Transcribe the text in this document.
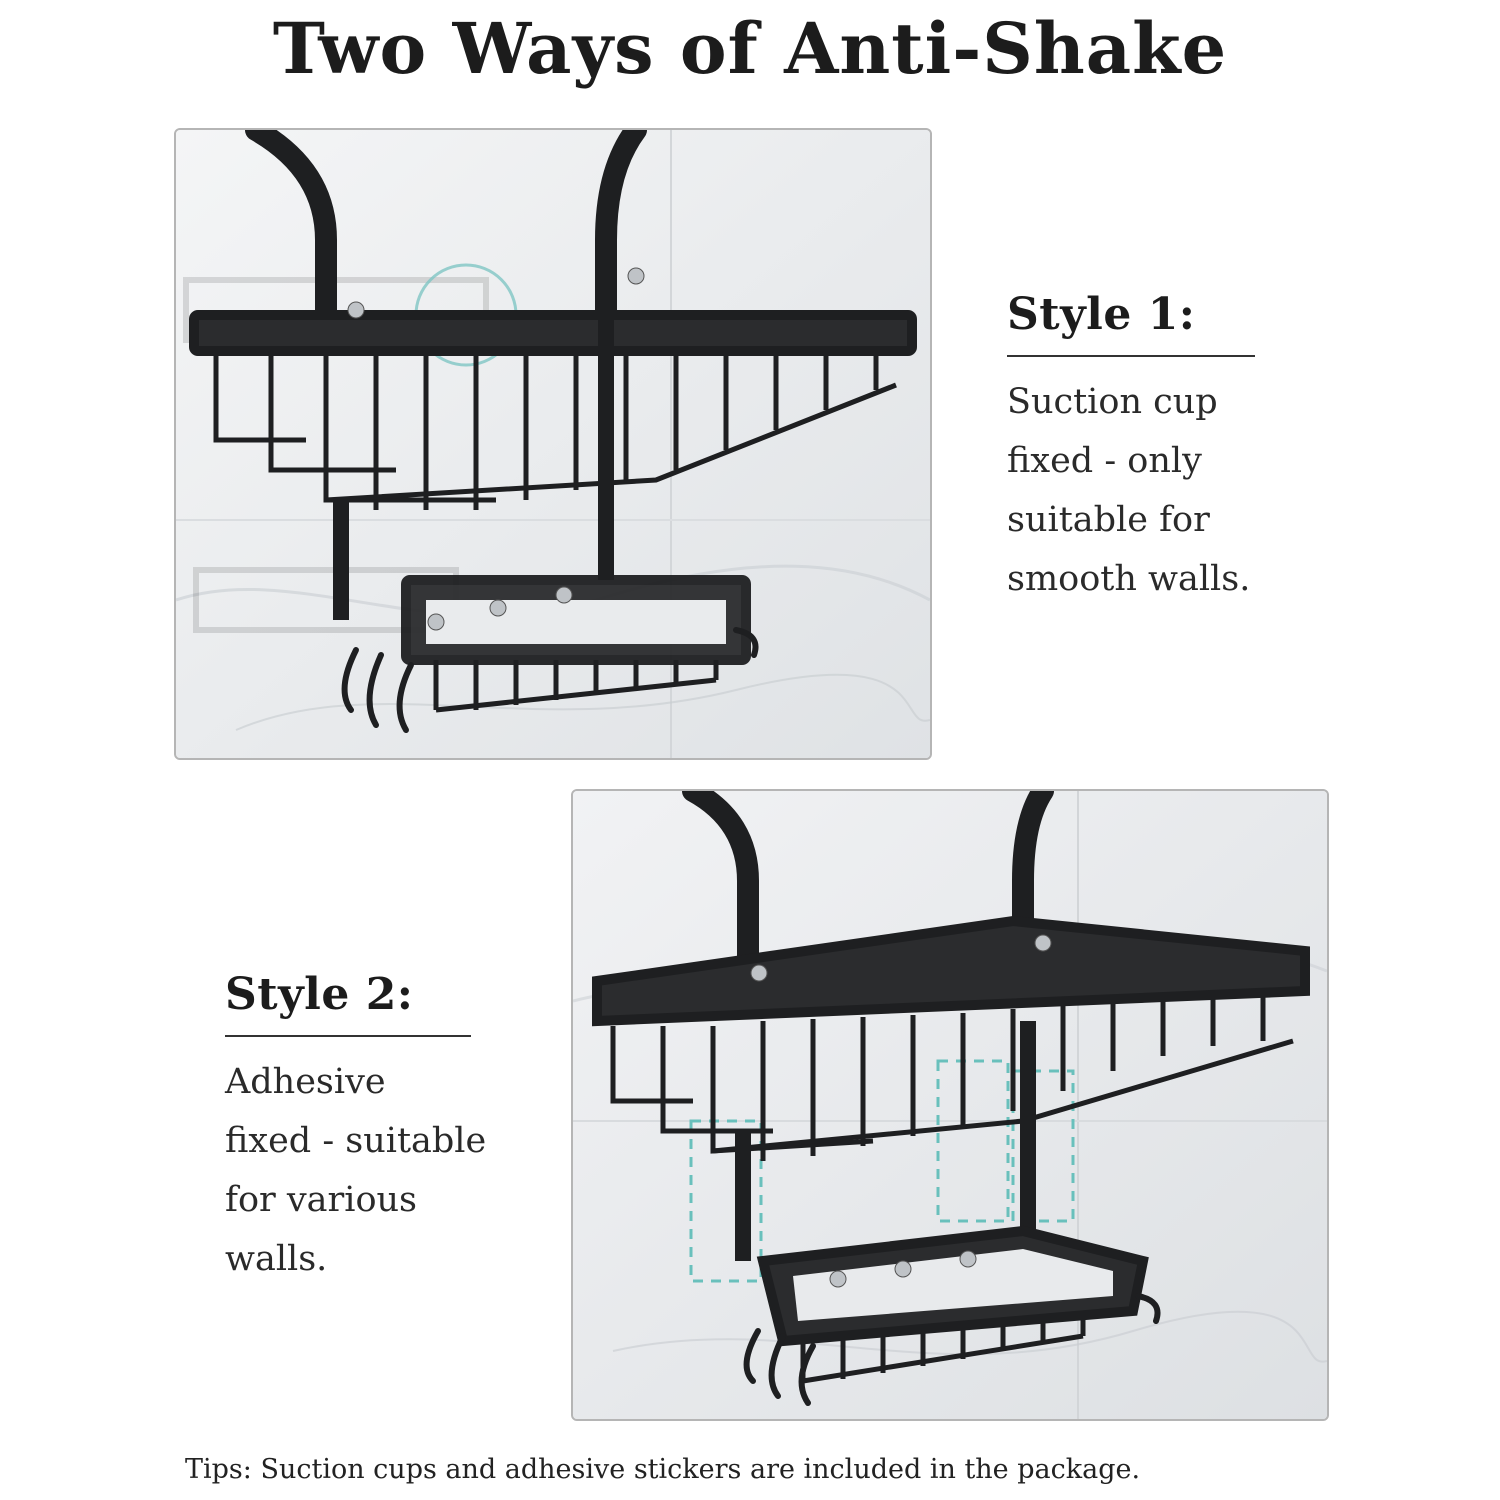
Two Ways of Anti-Shake
Style 1:
Suction cup
fixed - only
suitable for
smooth walls.
Style 2:
Adhesive
fixed - suitable
for various
walls.
Tips: Suction cups and adhesive stickers are included in the package.
